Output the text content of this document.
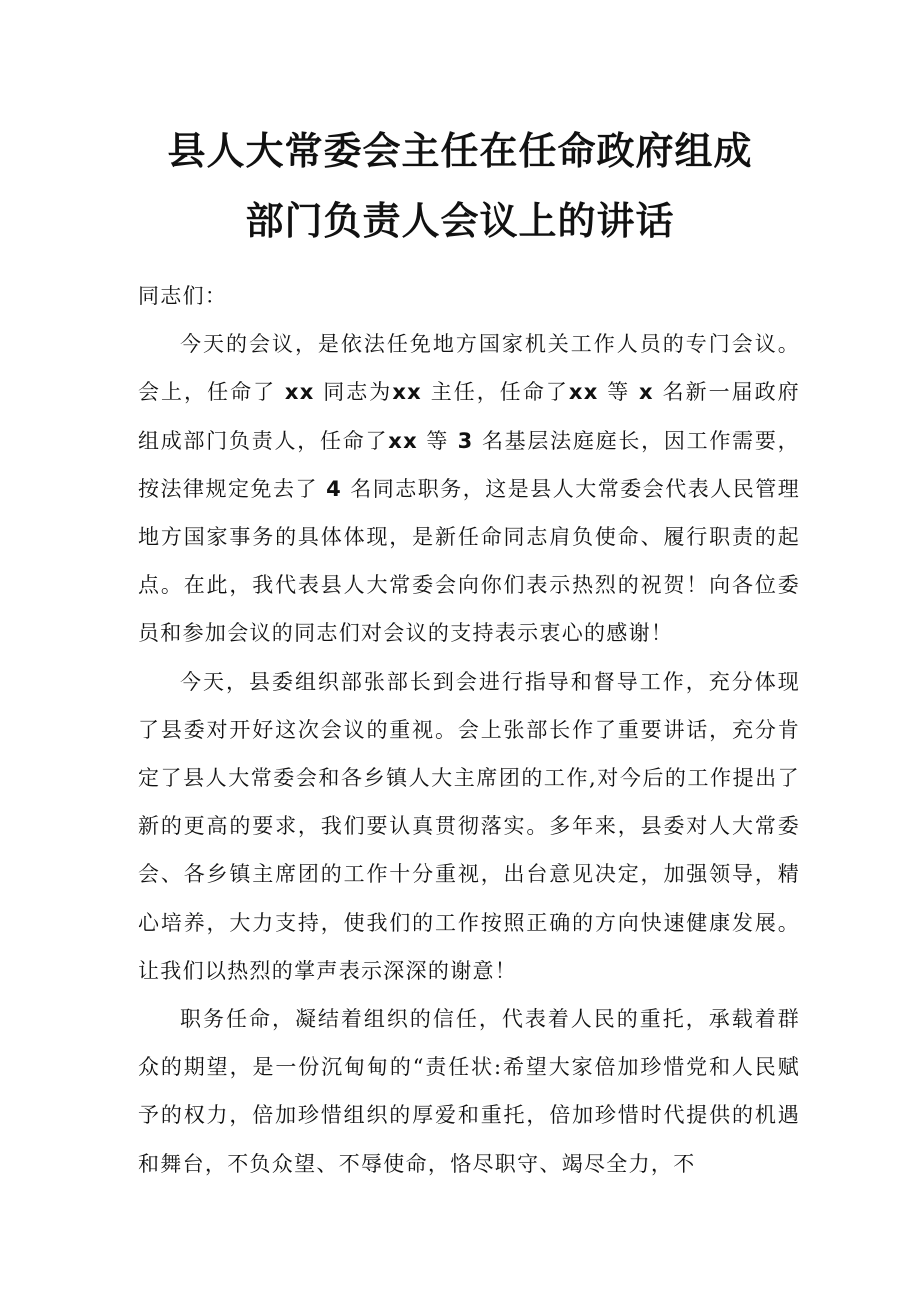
县人大常委会主任在任命政府组成
部门负责人会议上的讲话

同志们：

今天的会议，是依法任免地方国家机关工作人员的专门会议。会上，任命了 xx 同志为xx 主任，任命了xx 等 x 名新一届政府组成部门负责人，任命了xx 等 3 名基层法庭庭长，因工作需要，按法律规定免去了 4 名同志职务，这是县人大常委会代表人民管理地方国家事务的具体体现，是新任命同志肩负使命、履行职责的起点。在此，我代表县人大常委会向你们表示热烈的祝贺！向各位委员和参加会议的同志们对会议的支持表示衷心的感谢！

今天，县委组织部张部长到会进行指导和督导工作，充分体现了县委对开好这次会议的重视。会上张部长作了重要讲话，充分肯定了县人大常委会和各乡镇人大主席团的工作,对今后的工作提出了新的更高的要求，我们要认真贯彻落实。多年来，县委对人大常委会、各乡镇主席团的工作十分重视，出台意见决定，加强领导，精心培养，大力支持，使我们的工作按照正确的方向快速健康发展。让我们以热烈的掌声表示深深的谢意！

职务任命，凝结着组织的信任，代表着人民的重托，承载着群众的期望，是一份沉甸甸的“责任状:希望大家倍加珍惜党和人民赋予的权力，倍加珍惜组织的厚爱和重托，倍加珍惜时代提供的机遇和舞台，不负众望、不辱使命，恪尽职守、竭尽全力，不
